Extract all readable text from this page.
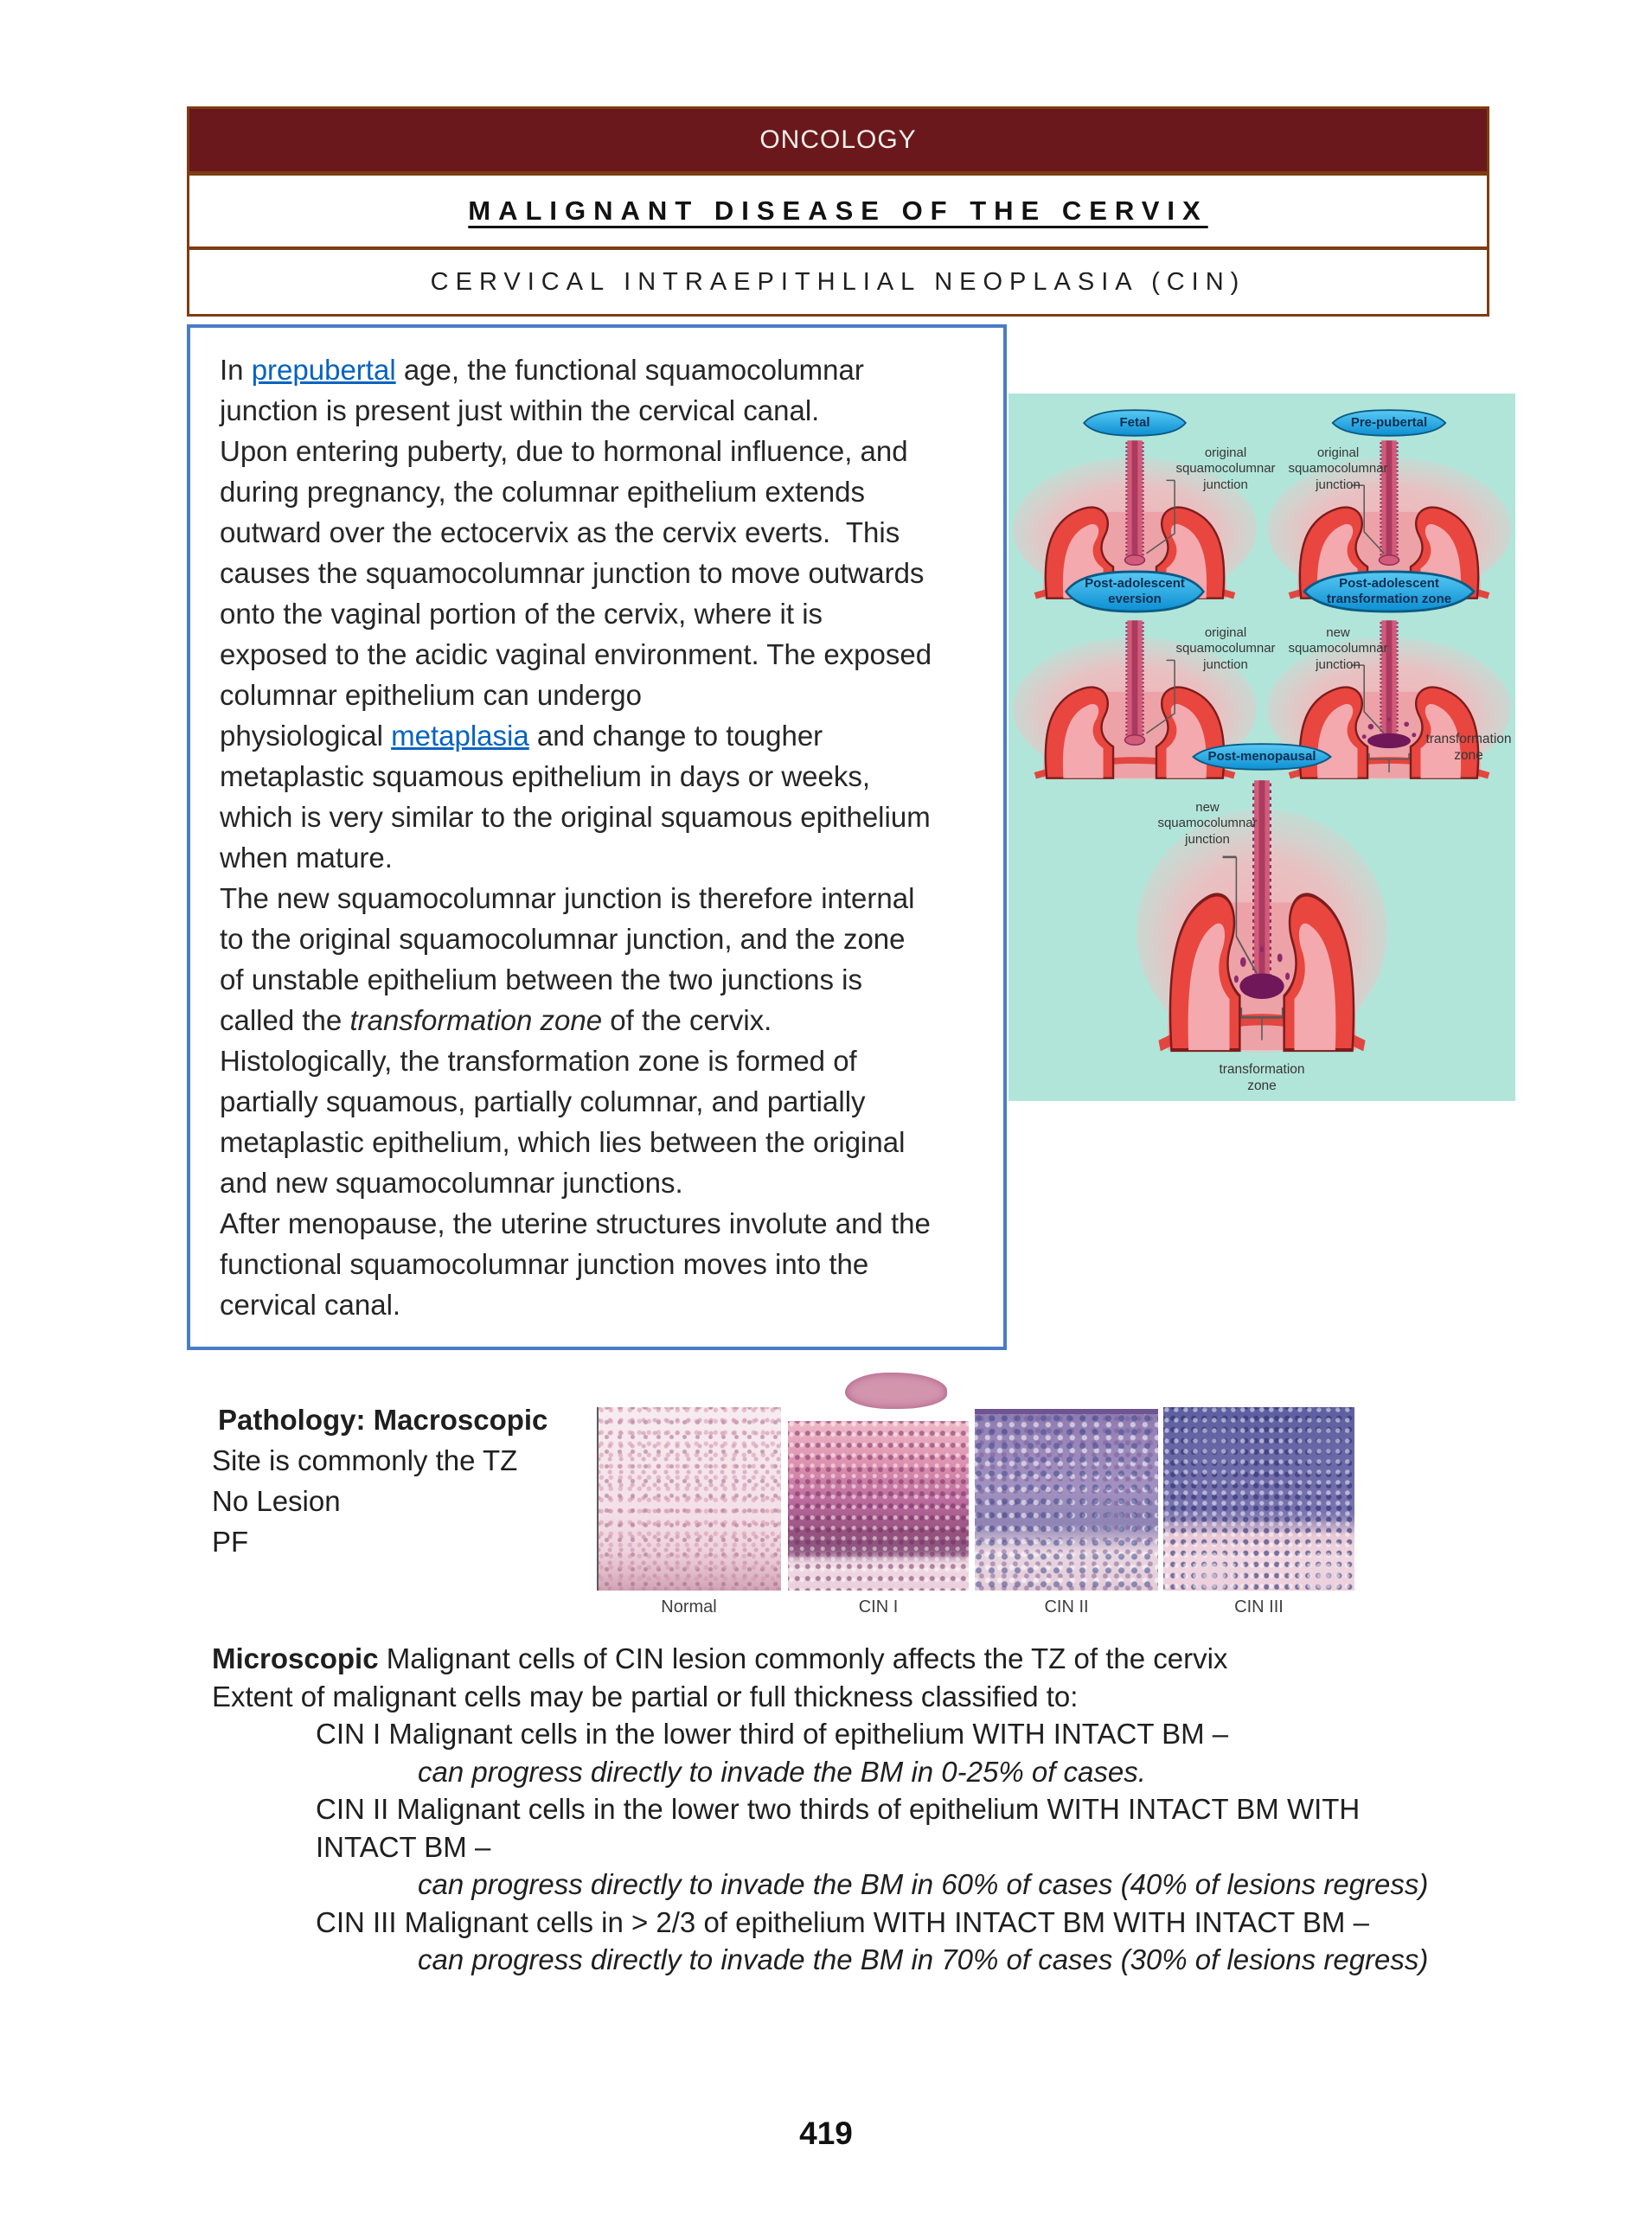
ONCOLOGY
MALIGNANT DISEASE OF THE CERVIX
CERVICAL INTRAEPITHLIAL NEOPLASIA (CIN)
In prepubertal age, the functional squamocolumnar
junction is present just within the cervical canal.
Upon entering puberty, due to hormonal influence, and
during pregnancy, the columnar epithelium extends
outward over the ectocervix as the cervix everts.  This
causes the squamocolumnar junction to move outwards
onto the vaginal portion of the cervix, where it is
exposed to the acidic vaginal environment. The exposed
columnar epithelium can undergo
physiological metaplasia and change to tougher
metaplastic squamous epithelium in days or weeks,
which is very similar to the original squamous epithelium
when mature.
The new squamocolumnar junction is therefore internal
to the original squamocolumnar junction, and the zone
of unstable epithelium between the two junctions is
called the transformation zone of the cervix.
Histologically, the transformation zone is formed of
partially squamous, partially columnar, and partially
metaplastic epithelium, which lies between the original
and new squamocolumnar junctions.
After menopause, the uterine structures involute and the
functional squamocolumnar junction moves into the
cervical canal.
Fetal
original
squamocolumnar
junction
Pre-pubertal
original
squamocolumnar
junction
Post-adolescent
eversion
original
squamocolumnar
junction
Post-adolescent
transformation zone
new
squamocolumnar
junction
transformation
zone
Post-menopausal
new
squamocolumnar
junction
transformation
zone
Normal	CIN I	CIN II	CIN III
Pathology: Macroscopic
Site is commonly the TZ
No Lesion
PF
Microscopic Malignant cells of CIN lesion commonly affects the TZ of the cervix
Extent of malignant cells may be partial or full thickness classified to:
CIN I Malignant cells in the lower third of epithelium WITH INTACT BM –
can progress directly to invade the BM in 0-25% of cases.
CIN II Malignant cells in the lower two thirds of epithelium WITH INTACT BM WITH
INTACT BM –
can progress directly to invade the BM in 60% of cases (40% of lesions regress)
CIN III Malignant cells in > 2/3 of epithelium WITH INTACT BM WITH INTACT BM –
can progress directly to invade the BM in 70% of cases (30% of lesions regress)
419
